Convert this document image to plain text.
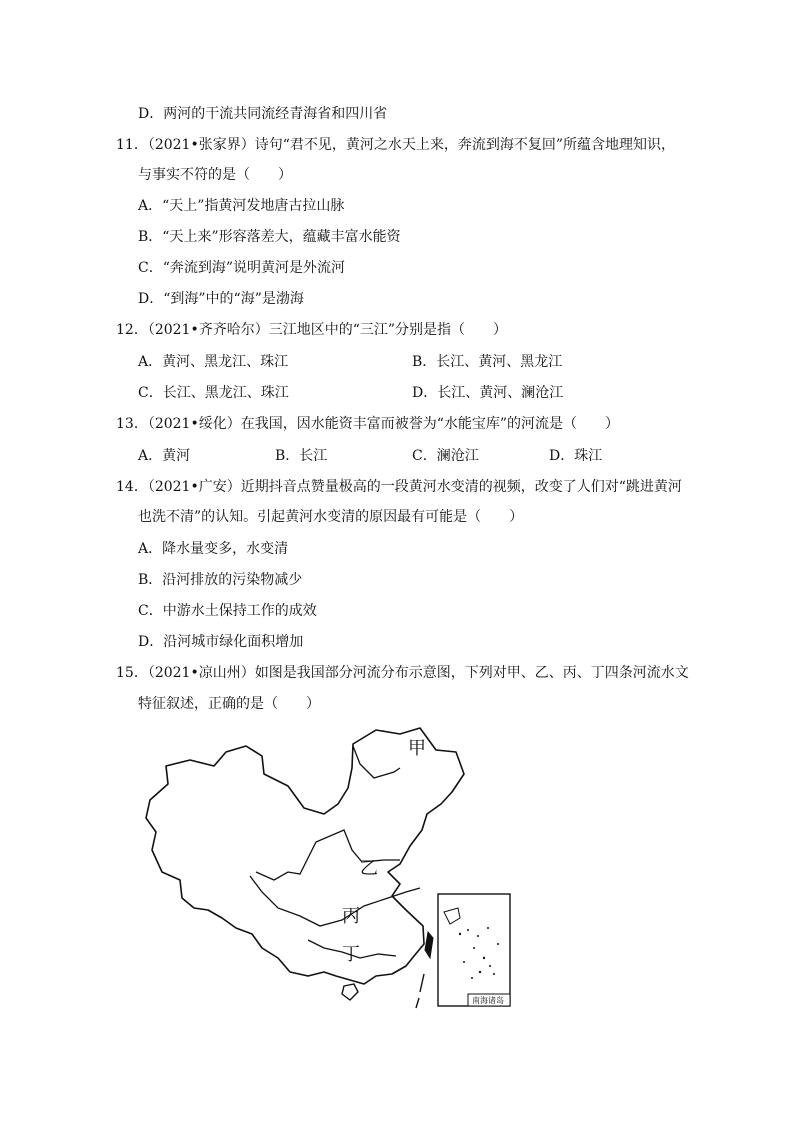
D．两河的干流共同流经青海省和四川省
11．（2021•张家界）诗句“君不见，黄河之水天上来，奔流到海不复回”所蕴含地理知识，
与事实不符的是（　　）
A．“天上”指黄河发地唐古拉山脉
B．“天上来”形容落差大，蕴藏丰富水能资
C．“奔流到海”说明黄河是外流河
D．“到海”中的“海”是渤海
12．（2021•齐齐哈尔）三江地区中的“三江”分别是指（　　）
A．黄河、黑龙江、珠江	B．长江、黄河、黑龙江
C．长江、黑龙江、珠江	D．长江、黄河、澜沧江
13．（2021•绥化）在我国，因水能资丰富而被誉为“水能宝库”的河流是（　　）
A．黄河	B．长江	C．澜沧江	D．珠江
14．（2021•广安）近期抖音点赞量极高的一段黄河水变清的视频，改变了人们对“跳进黄河
也洗不清”的认知。引起黄河水变清的原因最有可能是（　　）
A．降水量变多，水变清
B．沿河排放的污染物减少
C．中游水土保持工作的成效
D．沿河城市绿化面积增加
15．（2021•凉山州）如图是我国部分河流分布示意图，下列对甲、乙、丙、丁四条河流水文
特征叙述，正确的是（　　）
甲
乙
丙
丁
南海诸岛
